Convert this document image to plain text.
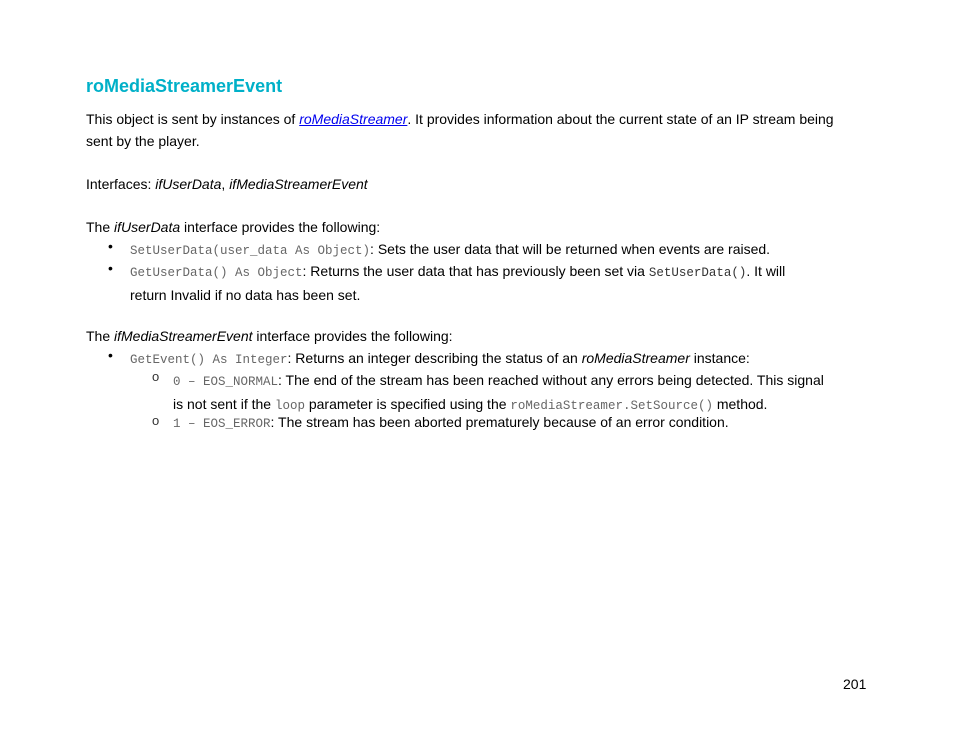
roMediaStreamerEvent

This object is sent by instances of roMediaStreamer. It provides information about the current state of an IP stream being
sent by the player.

Interfaces: ifUserData, ifMediaStreamerEvent

The ifUserData interface provides the following:

• SetUserData(user_data As Object): Sets the user data that will be returned when events are raised.
• GetUserData() As Object: Returns the user data that has previously been set via SetUserData(). It will
return Invalid if no data has been set.

The ifMediaStreamerEvent interface provides the following:

• GetEvent() As Integer: Returns an integer describing the status of an roMediaStreamer instance:
o 0 – EOS_NORMAL: The end of the stream has been reached without any errors being detected. This signal
is not sent if the loop parameter is specified using the roMediaStreamer.SetSource() method.
o 1 – EOS_ERROR: The stream has been aborted prematurely because of an error condition.
201
